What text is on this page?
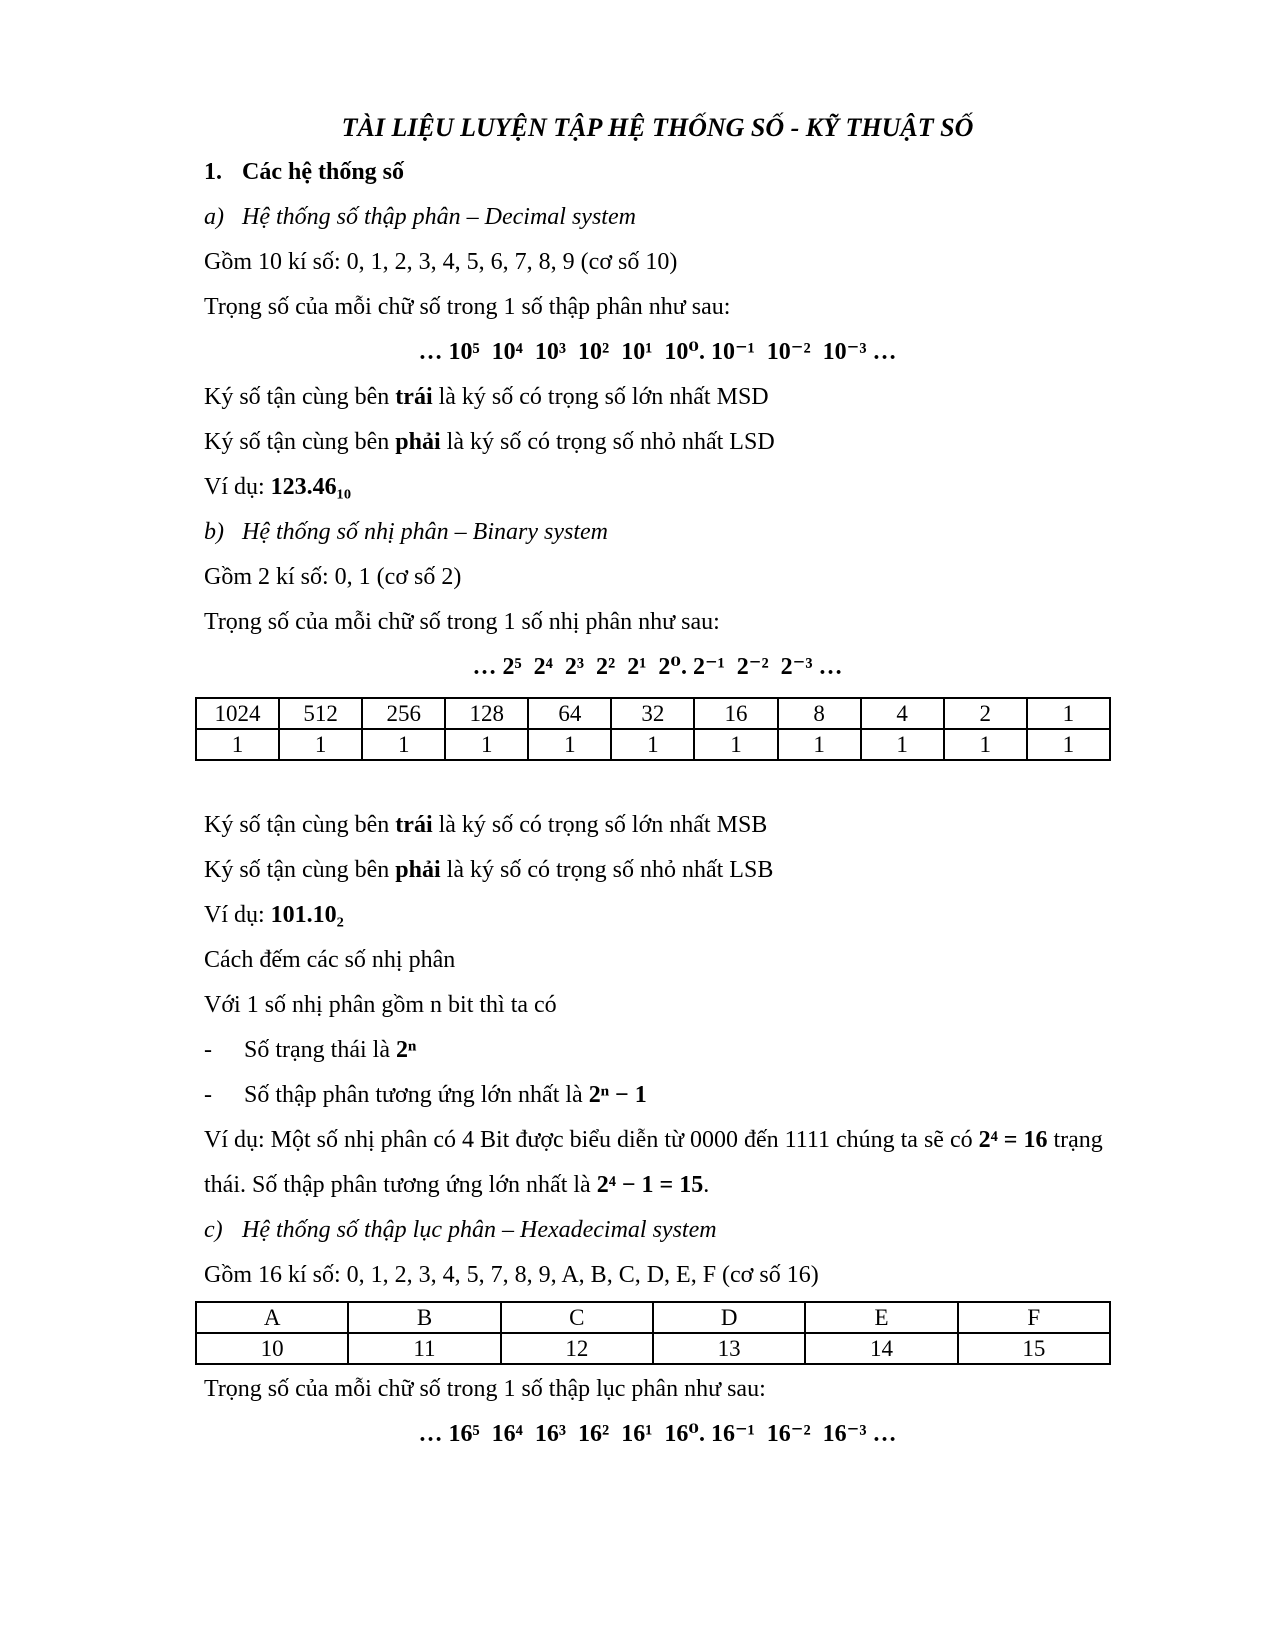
TÀI LIỆU LUYỆN TẬP HỆ THỐNG SỐ - KỸ THUẬT SỐ
1. Các hệ thống số
a) Hệ thống số thập phân – Decimal system

Gồm 10 kí số: 0, 1, 2, 3, 4, 5, 6, 7, 8, 9 (cơ số 10)

Trọng số của mỗi chữ số trong 1 số thập phân như sau:

… 10⁵  10⁴  10³  10²  10¹  10⁰. 10⁻¹  10⁻²  10⁻³ …

Ký số tận cùng bên trái là ký số có trọng số lớn nhất MSD

Ký số tận cùng bên phải là ký số có trọng số nhỏ nhất LSD

Ví dụ: 123.46₁₀

b) Hệ thống số nhị phân – Binary system

Gồm 2 kí số: 0, 1 (cơ số 2)

Trọng số của mỗi chữ số trong 1 số nhị phân như sau:

… 2⁵  2⁴  2³  2²  2¹  2⁰. 2⁻¹  2⁻²  2⁻³ …
1024	512	256	128	64	32	16	8	4	2	1
1	1	1	1	1	1	1	1	1	1	1

Ký số tận cùng bên trái là ký số có trọng số lớn nhất MSB

Ký số tận cùng bên phải là ký số có trọng số nhỏ nhất LSB

Ví dụ: 101.10₂

Cách đếm các số nhị phân

Với 1 số nhị phân gồm n bit thì ta có

-	Số trạng thái là 2ⁿ
-	Số thập phân tương ứng lớn nhất là 2ⁿ − 1

Ví dụ: Một số nhị phân có 4 Bit được biểu diễn từ 0000 đến 1111 chúng ta sẽ có 2⁴ = 16 trạng thái. Số thập phân tương ứng lớn nhất là 2⁴ − 1 = 15.

c) Hệ thống số thập lục phân – Hexadecimal system

Gồm 16 kí số: 0, 1, 2, 3, 4, 5, 7, 8, 9, A, B, C, D, E, F (cơ số 16)

A	B	C	D	E	F
10	11	12	13	14	15

Trọng số của mỗi chữ số trong 1 số thập lục phân như sau:

… 16⁵  16⁴  16³  16²  16¹  16⁰. 16⁻¹  16⁻²  16⁻³ …
